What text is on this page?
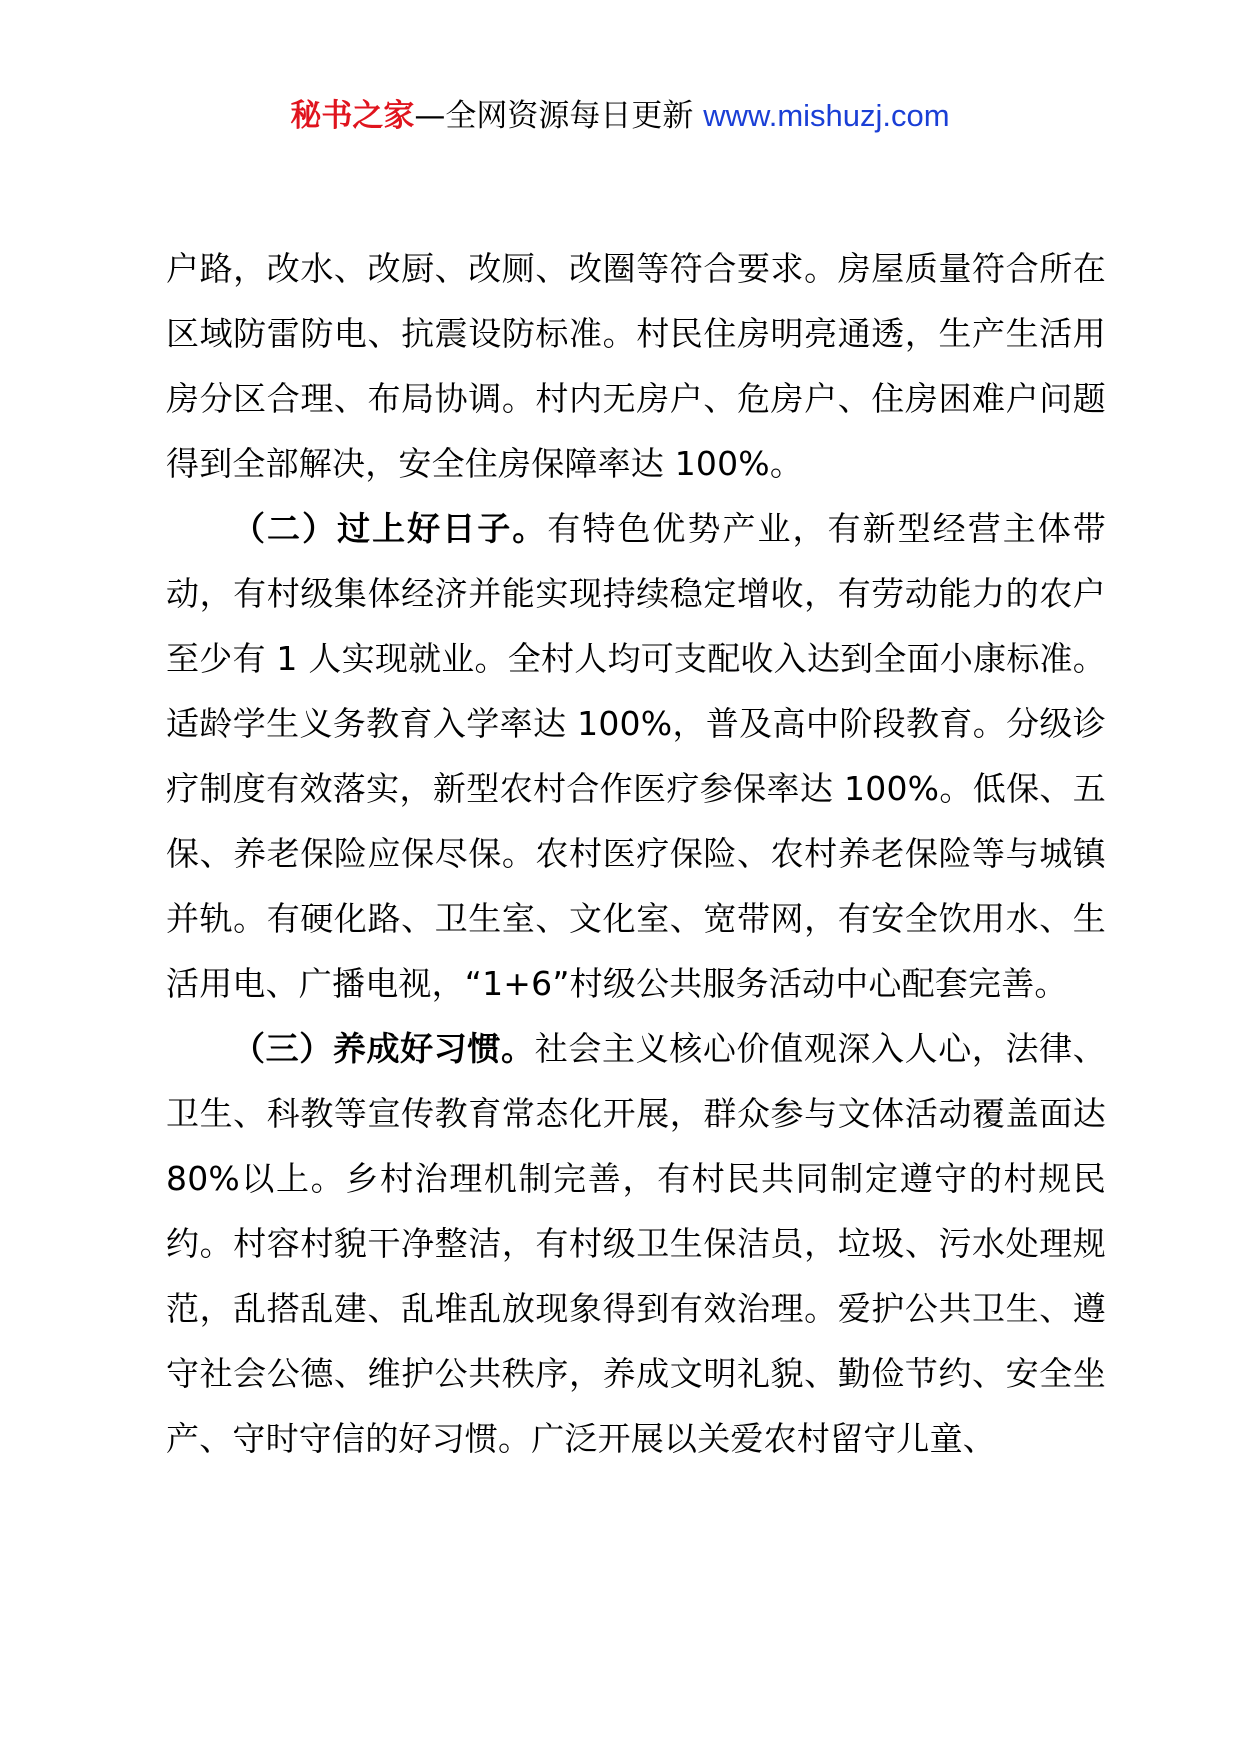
秘书之家—全网资源每日更新 www.mishuzj.com

户路，改水、改厨、改厕、改圈等符合要求。房屋质量符合所在区域防雷防电、抗震设防标准。村民住房明亮通透，生产生活用房分区合理、布局协调。村内无房户、危房户、住房困难户问题得到全部解决，安全住房保障率达 100%。

（二）过上好日子。有特色优势产业，有新型经营主体带动，有村级集体经济并能实现持续稳定增收，有劳动能力的农户至少有 1 人实现就业。全村人均可支配收入达到全面小康标准。适龄学生义务教育入学率达 100%，普及高中阶段教育。分级诊疗制度有效落实，新型农村合作医疗参保率达 100%。低保、五保、养老保险应保尽保。农村医疗保险、农村养老保险等与城镇并轨。有硬化路、卫生室、文化室、宽带网，有安全饮用水、生活用电、广播电视，“1+6”村级公共服务活动中心配套完善。

（三）养成好习惯。社会主义核心价值观深入人心，法律、卫生、科教等宣传教育常态化开展，群众参与文体活动覆盖面达 80%以上。乡村治理机制完善，有村民共同制定遵守的村规民约。村容村貌干净整洁，有村级卫生保洁员，垃圾、污水处理规范，乱搭乱建、乱堆乱放现象得到有效治理。爱护公共卫生、遵守社会公德、维护公共秩序，养成文明礼貌、勤俭节约、安全坐产、守时守信的好习惯。广泛开展以关爱农村留守儿童、
